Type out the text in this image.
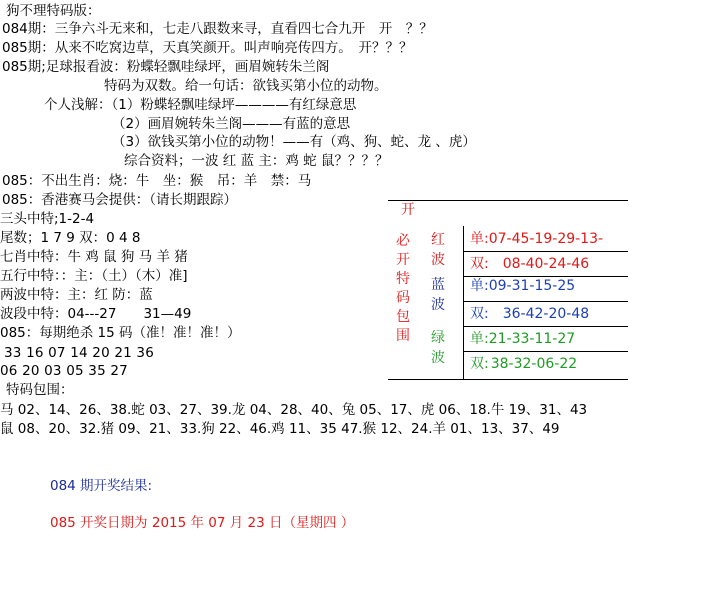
狗不理特码版：
084期：三争六斗无来和，七走八跟数来寻，直看四七合九开　开　？？
085期：从来不吃窝边草，天真笑颜开。叫声响亮传四方。　开？？？
085期;足球报看波：粉蝶轻飘哇绿坪，画眉婉转朱兰阁
特码为双数。给一句话：欲钱买第小位的动物。
个人浅解：（1）粉蝶轻飘哇绿坪————有红绿意思
（2）画眉婉转朱兰阁———有蓝的意思
（3）欲钱买第小位的动物！——有（鸡、狗、蛇、龙 、虎）
综合资料；一波 红 蓝 主：鸡 蛇 鼠？？？？
085：不出生肖：烧：牛　坐：猴　吊：羊　禁：马
085：香港赛马会提供：（请长期跟踪）
三头中特;1-2-4
尾数；1 7 9 双：0 4 8
七肖中特：牛 鸡 鼠 狗 马 羊 猪
五行中特：：主：（土）（木）准]
两波中特：主：红 防：蓝
波段中特：04---27　　31—49
085：每期绝杀 15 码（准！准！准！）
33 16 07 14 20 21 36
06 20 03 05 35 27
特码包围：
马 02、14、26、38.蛇 03、27、39.龙 04、28、40、兔 05、17、虎 06、18.牛 19、31、43
鼠 08、20、32.猪 09、21、33.狗 22、46.鸡 11、35 47.猴 12、24.羊 01、13、37、49
084 期开奖结果:
085 开奖日期为 2015 年 07 月 23 日（星期四 ）
开
必
开
特
码
包
围
红
波
蓝
波
绿
波
单:07-45-19-29-13-
双: 08-40-24-46
单:09-31-15-25
双: 36-42-20-48
单:21-33-11-27
双: 38-32-06-22
